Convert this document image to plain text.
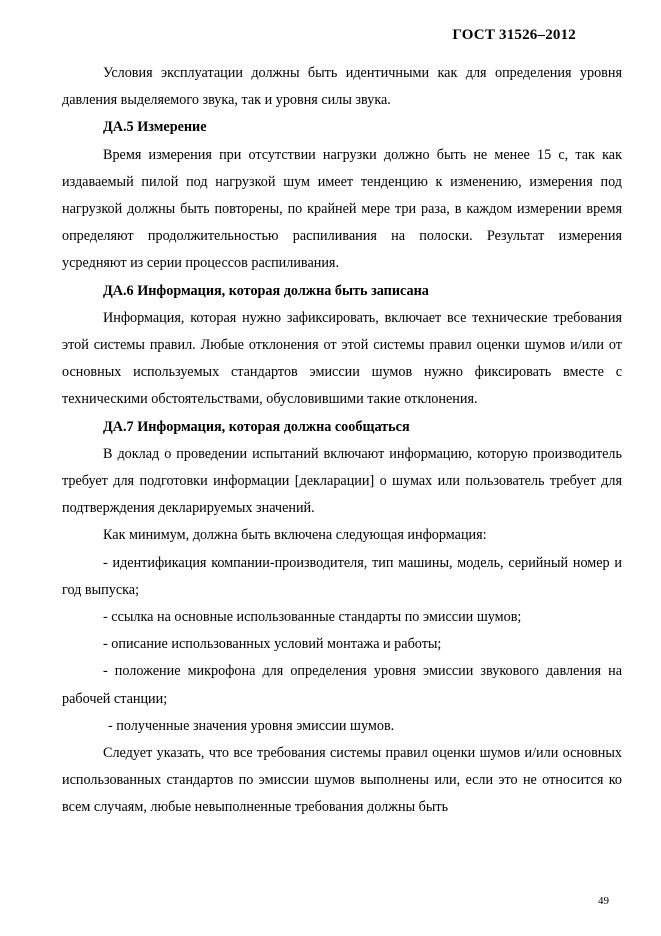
ГОСТ 31526–2012

Условия эксплуатации должны быть идентичными как для определения уровня давления выделяемого звука, так и уровня силы звука.

ДА.5 Измерение

Время измерения при отсутствии нагрузки должно быть не менее 15 с, так как издаваемый пилой под нагрузкой шум имеет тенденцию к изменению, измерения под нагрузкой должны быть повторены, по крайней мере три раза, в каждом измерении время определяют продолжительностью распиливания на полоски. Результат измерения усредняют из серии процессов распиливания.

ДА.6 Информация, которая должна быть записана

Информация, которая нужно зафиксировать, включает все технические требования этой системы правил. Любые отклонения от этой системы правил оценки шумов и/или от основных используемых стандартов эмиссии шумов нужно фиксировать вместе с техническими обстоятельствами, обусловившими такие отклонения.

ДА.7 Информация, которая должна сообщаться

В доклад о проведении испытаний включают информацию, которую производитель требует для подготовки информации [декларации] о шумах или пользователь требует для подтверждения декларируемых значений.

Как минимум, должна быть включена следующая информация:

- идентификация компании-производителя, тип машины, модель, серийный номер и год выпуска;

- ссылка на основные использованные стандарты по эмиссии шумов;

- описание использованных условий монтажа и работы;

- положение микрофона для определения уровня эмиссии звукового давления на рабочей станции;

- полученные значения уровня эмиссии шумов.

Следует указать, что все требования системы правил оценки шумов и/или основных использованных стандартов по эмиссии шумов выполнены или, если это не относится ко всем случаям, любые невыполненные требования должны быть

49
